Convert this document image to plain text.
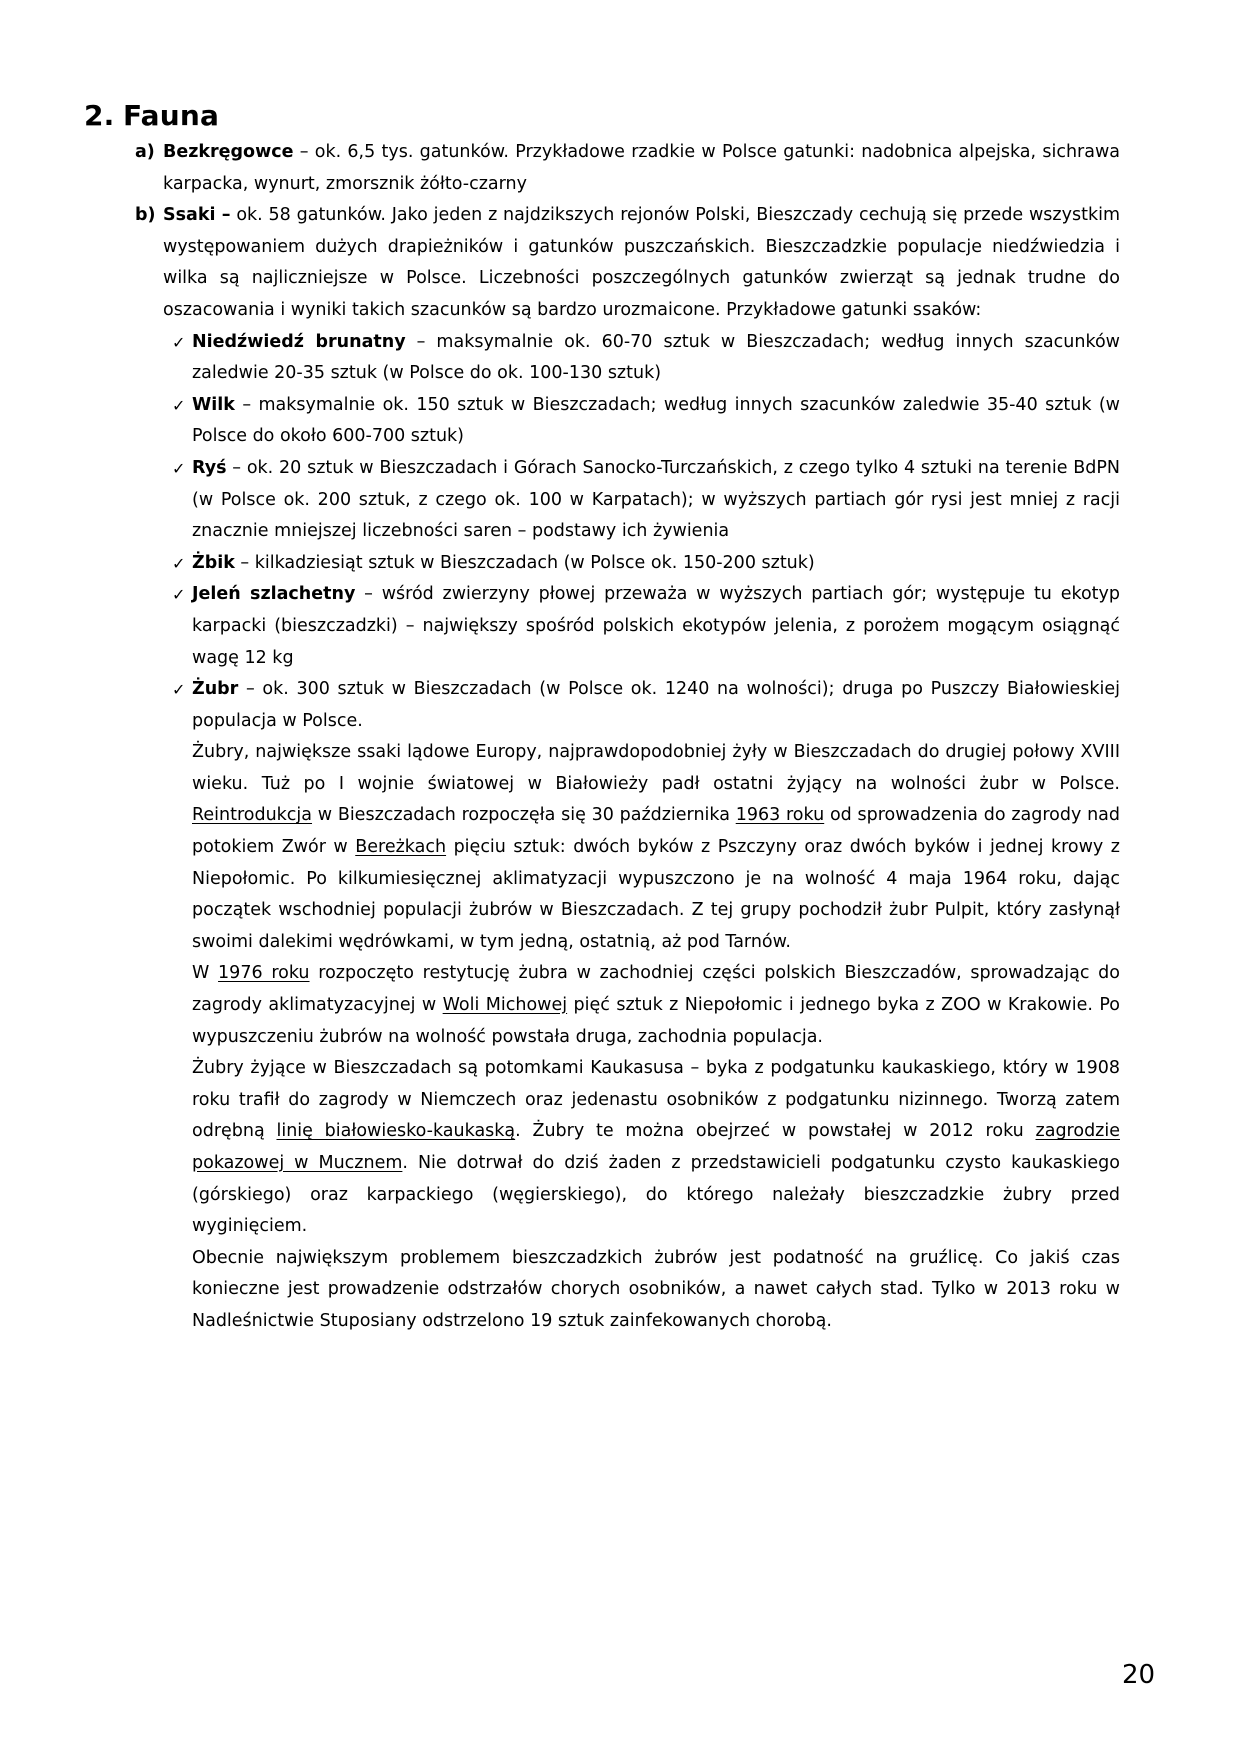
2. Fauna
a) Bezkręgowce – ok. 6,5 tys. gatunków. Przykładowe rzadkie w Polsce gatunki: nadobnica alpejska, sichrawa karpacka, wynurt, zmorsznik żółto-czarny

b) Ssaki – ok. 58 gatunków. Jako jeden z najdzikszych rejonów Polski, Bieszczady cechują się przede wszystkim występowaniem dużych drapieżników i gatunków puszczańskich. Bieszczadzkie populacje niedźwiedzia i wilka są najliczniejsze w Polsce. Liczebności poszczególnych gatunków zwierząt są jednak trudne do oszacowania i wyniki takich szacunków są bardzo urozmaicone. Przykładowe gatunki ssaków:

✓ Niedźwiedź brunatny – maksymalnie ok. 60-70 sztuk w Bieszczadach; według innych szacunków zaledwie 20-35 sztuk (w Polsce do ok. 100-130 sztuk)

✓ Wilk – maksymalnie ok. 150 sztuk w Bieszczadach; według innych szacunków zaledwie 35-40 sztuk (w Polsce do około 600-700 sztuk)

✓ Ryś – ok. 20 sztuk w Bieszczadach i Górach Sanocko-Turczańskich, z czego tylko 4 sztuki na terenie BdPN (w Polsce ok. 200 sztuk, z czego ok. 100 w Karpatach); w wyższych partiach gór rysi jest mniej z racji znacznie mniejszej liczebności saren – podstawy ich żywienia

✓ Żbik – kilkadziesiąt sztuk w Bieszczadach (w Polsce ok. 150-200 sztuk)

✓ Jeleń szlachetny – wśród zwierzyny płowej przeważa w wyższych partiach gór; występuje tu ekotyp karpacki (bieszczadzki) – największy spośród polskich ekotypów jelenia, z porożem mogącym osiągnąć wagę 12 kg

✓ Żubr – ok. 300 sztuk w Bieszczadach (w Polsce ok. 1240 na wolności); druga po Puszczy Białowieskiej populacja w Polsce.

Żubry, największe ssaki lądowe Europy, najprawdopodobniej żyły w Bieszczadach do drugiej połowy XVIII wieku. Tuż po I wojnie światowej w Białowieży padł ostatni żyjący na wolności żubr w Polsce. Reintrodukcja w Bieszczadach rozpoczęła się 30 października 1963 roku od sprowadzenia do zagrody nad potokiem Zwór w Bereżkach pięciu sztuk: dwóch byków z Pszczyny oraz dwóch byków i jednej krowy z Niepołomic. Po kilkumiesięcznej aklimatyzacji wypuszczono je na wolność 4 maja 1964 roku, dając początek wschodniej populacji żubrów w Bieszczadach. Z tej grupy pochodził żubr Pulpit, który zasłynął swoimi dalekimi wędrówkami, w tym jedną, ostatnią, aż pod Tarnów.

W 1976 roku rozpoczęto restytucję żubra w zachodniej części polskich Bieszczadów, sprowadzając do zagrody aklimatyzacyjnej w Woli Michowej pięć sztuk z Niepołomic i jednego byka z ZOO w Krakowie. Po wypuszczeniu żubrów na wolność powstała druga, zachodnia populacja.

Żubry żyjące w Bieszczadach są potomkami Kaukasusa – byka z podgatunku kaukaskiego, który w 1908 roku trafił do zagrody w Niemczech oraz jedenastu osobników z podgatunku nizinnego. Tworzą zatem odrębną linię białowiesko-kaukaską. Żubry te można obejrzeć w powstałej w 2012 roku zagrodzie pokazowej w Mucznem. Nie dotrwał do dziś żaden z przedstawicieli podgatunku czysto kaukaskiego (górskiego) oraz karpackiego (węgierskiego), do którego należały bieszczadzkie żubry przed wyginięciem.

Obecnie największym problemem bieszczadzkich żubrów jest podatność na gruźlicę. Co jakiś czas konieczne jest prowadzenie odstrzałów chorych osobników, a nawet całych stad. Tylko w 2013 roku w Nadleśnictwie Stuposiany odstrzelono 19 sztuk zainfekowanych chorobą.

20
